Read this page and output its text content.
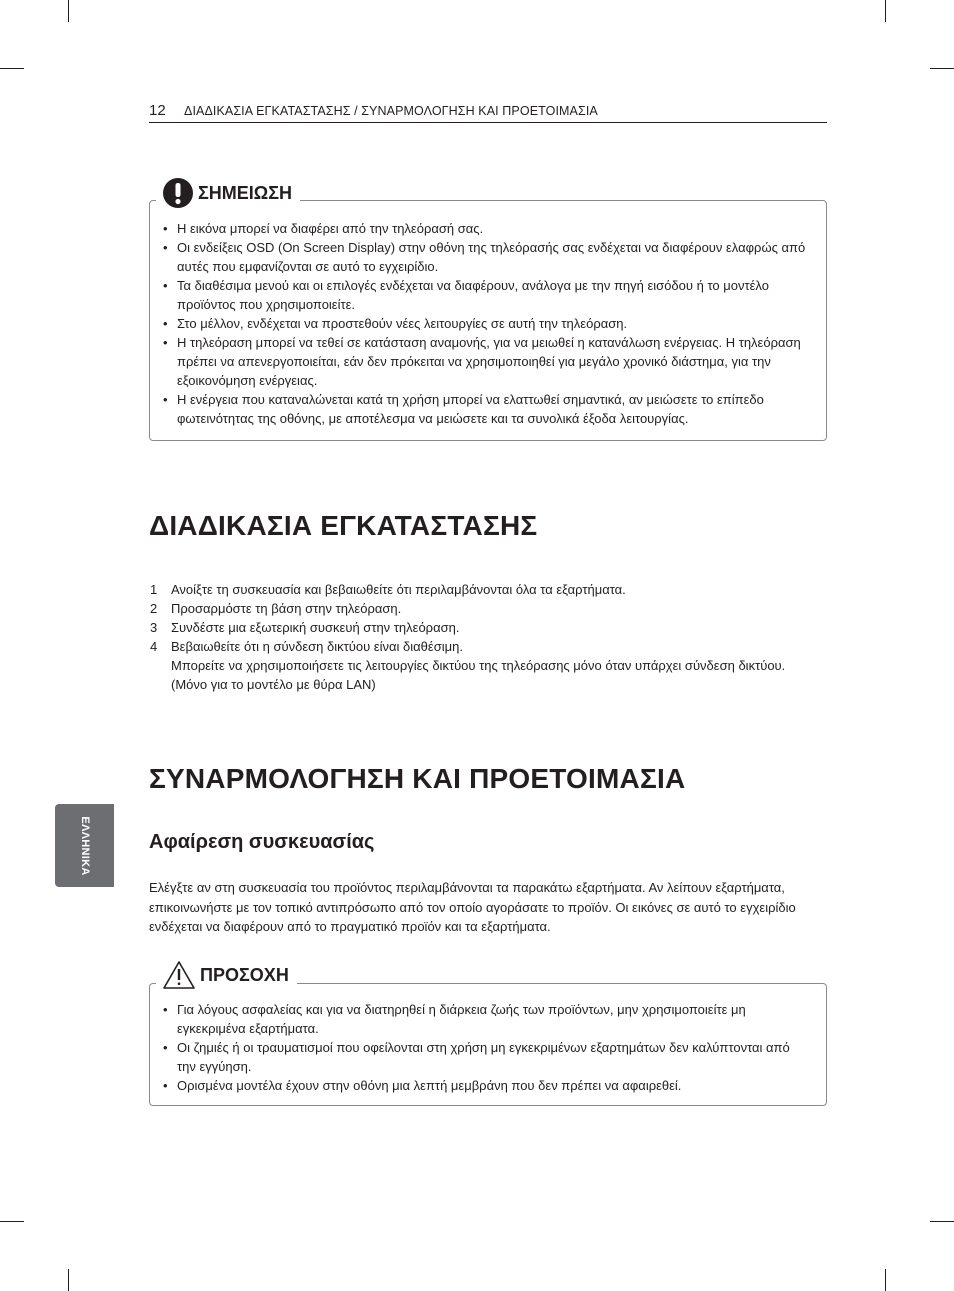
12 ΔΙΑΔΙΚΑΣΙΑ ΕΓΚΑΤΑΣΤΑΣΗΣ / ΣΥΝΑΡΜΟΛΟΓΗΣΗ ΚΑΙ ΠΡΟΕΤΟΙΜΑΣΙΑ
ΣΗΜΕΙΩΣΗ
• Η εικόνα μπορεί να διαφέρει από την τηλεόρασή σας.
• Οι ενδείξεις OSD (On Screen Display) στην οθόνη της τηλεόρασής σας ενδέχεται να διαφέρουν ελαφρώς από αυτές που εμφανίζονται σε αυτό το εγχειρίδιο.
• Τα διαθέσιμα μενού και οι επιλογές ενδέχεται να διαφέρουν, ανάλογα με την πηγή εισόδου ή το μοντέλο προϊόντος που χρησιμοποιείτε.
• Στο μέλλον, ενδέχεται να προστεθούν νέες λειτουργίες σε αυτή την τηλεόραση.
• Η τηλεόραση μπορεί να τεθεί σε κατάσταση αναμονής, για να μειωθεί η κατανάλωση ενέργειας. Η τηλεόραση πρέπει να απενεργοποιείται, εάν δεν πρόκειται να χρησιμοποιηθεί για μεγάλο χρονικό διάστημα, για την εξοικονόμηση ενέργειας.
• Η ενέργεια που καταναλώνεται κατά τη χρήση μπορεί να ελαττωθεί σημαντικά, αν μειώσετε το επίπεδο φωτεινότητας της οθόνης, με αποτέλεσμα να μειώσετε και τα συνολικά έξοδα λειτουργίας.
ΔΙΑΔΙΚΑΣΙΑ ΕΓΚΑΤΑΣΤΑΣΗΣ
1 Ανοίξτε τη συσκευασία και βεβαιωθείτε ότι περιλαμβάνονται όλα τα εξαρτήματα.
2 Προσαρμόστε τη βάση στην τηλεόραση.
3 Συνδέστε μια εξωτερική συσκευή στην τηλεόραση.
4 Βεβαιωθείτε ότι η σύνδεση δικτύου είναι διαθέσιμη.
Μπορείτε να χρησιμοποιήσετε τις λειτουργίες δικτύου της τηλεόρασης μόνο όταν υπάρχει σύνδεση δικτύου. (Μόνο για το μοντέλο με θύρα LAN)
ΣΥΝΑΡΜΟΛΟΓΗΣΗ ΚΑΙ ΠΡΟΕΤΟΙΜΑΣΙΑ
Αφαίρεση συσκευασίας

Ελέγξτε αν στη συσκευασία του προϊόντος περιλαμβάνονται τα παρακάτω εξαρτήματα. Αν λείπουν εξαρτήματα, επικοινωνήστε με τον τοπικό αντιπρόσωπο από τον οποίο αγοράσατε το προϊόν. Οι εικόνες σε αυτό το εγχειρίδιο ενδέχεται να διαφέρουν από το πραγματικό προϊόν και τα εξαρτήματα.

ΠΡΟΣΟΧΗ
• Για λόγους ασφαλείας και για να διατηρηθεί η διάρκεια ζωής των προϊόντων, μην χρησιμοποιείτε μη εγκεκριμένα εξαρτήματα.
• Οι ζημιές ή οι τραυματισμοί που οφείλονται στη χρήση μη εγκεκριμένων εξαρτημάτων δεν καλύπτονται από την εγγύηση.
• Ορισμένα μοντέλα έχουν στην οθόνη μια λεπτή μεμβράνη που δεν πρέπει να αφαιρεθεί.
ΕΛΛΗΝΙΚΑ
